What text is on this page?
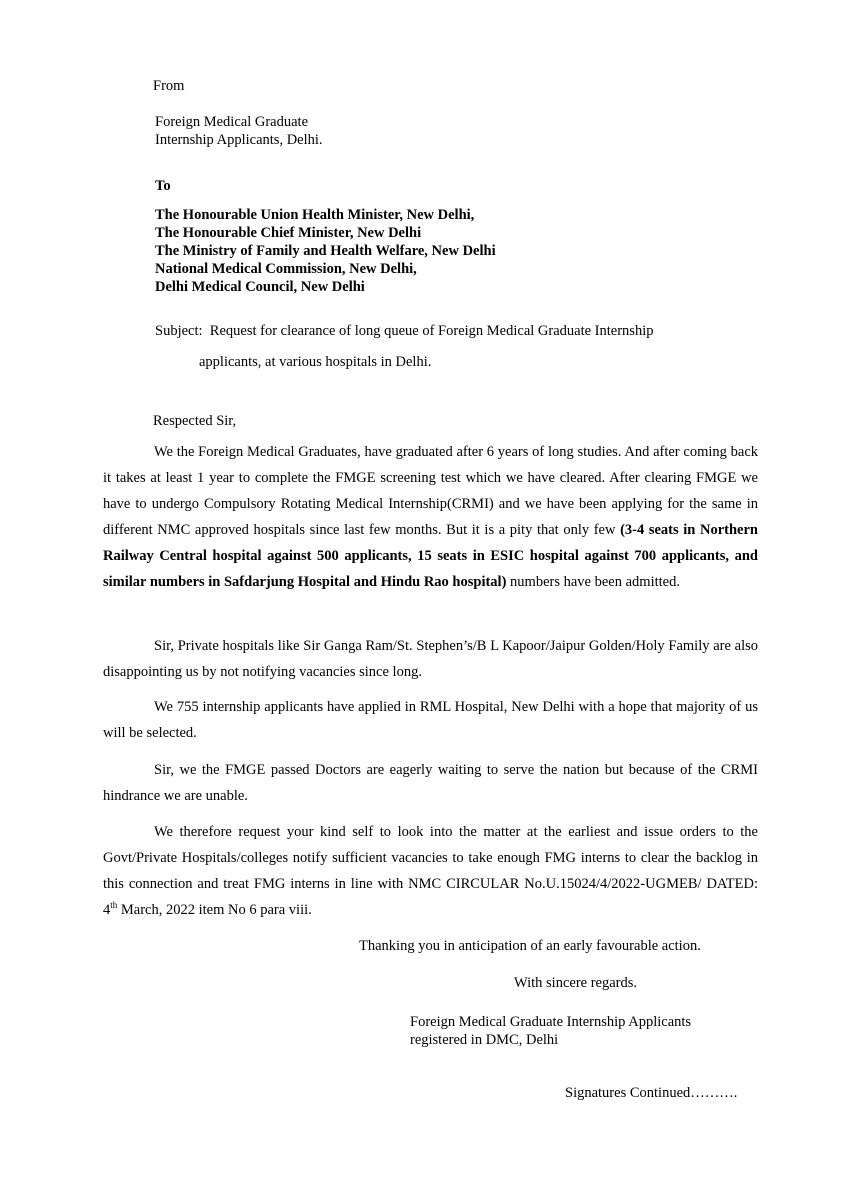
From
Foreign Medical Graduate
Internship Applicants, Delhi.
To
The Honourable Union Health Minister, New Delhi,
The Honourable Chief Minister, New Delhi
The Ministry of Family and Health Welfare, New Delhi
National Medical Commission, New Delhi,
Delhi Medical Council, New Delhi
Subject: Request for clearance of long queue of Foreign Medical Graduate Internship
applicants, at various hospitals in Delhi.
Respected Sir,
We the Foreign Medical Graduates, have graduated after 6 years of long studies. And after coming back it takes at least 1 year to complete the FMGE screening test which we have cleared. After clearing FMGE we have to undergo Compulsory Rotating Medical Internship(CRMI) and we have been applying for the same in different NMC approved hospitals since last few months. But it is a pity that only few (3-4 seats in Northern Railway Central hospital against 500 applicants, 15 seats in ESIC hospital against 700 applicants, and similar numbers in Safdarjung Hospital and Hindu Rao hospital) numbers have been admitted.
Sir, Private hospitals like Sir Ganga Ram/St. Stephen’s/B L Kapoor/Jaipur Golden/Holy Family are also disappointing us by not notifying vacancies since long.
We 755 internship applicants have applied in RML Hospital, New Delhi with a hope that majority of us will be selected.
Sir, we the FMGE passed Doctors are eagerly waiting to serve the nation but because of the CRMI hindrance we are unable.
We therefore request your kind self to look into the matter at the earliest and issue orders to the Govt/Private Hospitals/colleges notify sufficient vacancies to take enough FMG interns to clear the backlog in this connection and treat FMG interns in line with NMC CIRCULAR No.U.15024/4/2022-UGMEB/ DATED: 4th March, 2022 item No 6 para viii.
Thanking you in anticipation of an early favourable action.
With sincere regards.
Foreign Medical Graduate Internship Applicants
registered in DMC, Delhi
Signatures Continued……….
